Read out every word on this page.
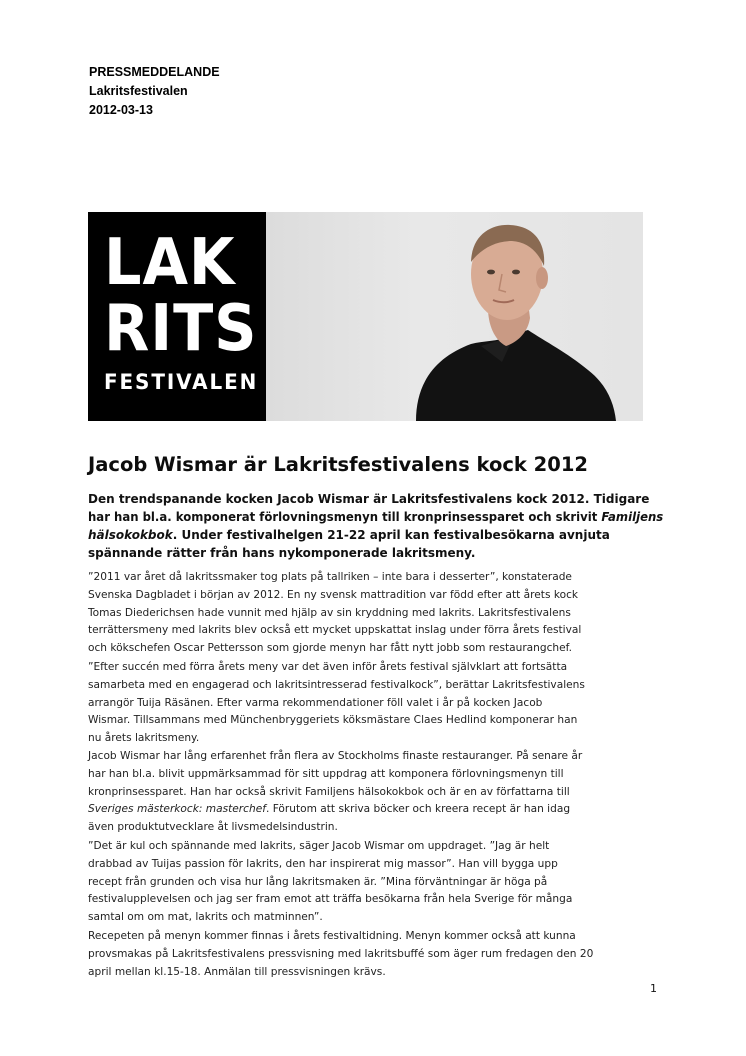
PRESSMEDDELANDE
Lakritsfestivalen
2012-03-13
LAK
RITS
FESTIVALEN
Jacob Wismar är Lakritsfestivalens kock 2012
Den trendspanande kocken Jacob Wismar är Lakritsfestivalens kock 2012. Tidigare
har han bl.a. komponerat förlovningsmenyn till kronprinsessparet och skrivit Familjens
hälsokokbok. Under festivalhelgen 21-22 april kan festivalbesökarna avnjuta
spännande rätter från hans nykomponerade lakritsmeny.
”2011 var året då lakritssmaker tog plats på tallriken – inte bara i desserter”, konstaterade
Svenska Dagbladet i början av 2012. En ny svensk mattradition var född efter att årets kock
Tomas Diederichsen hade vunnit med hjälp av sin kryddning med lakrits. Lakritsfestivalens
terrättersmeny med lakrits blev också ett mycket uppskattat inslag under förra årets festival
och kökschefen Oscar Pettersson som gjorde menyn har fått nytt jobb som restaurangchef.
”Efter succén med förra årets meny var det även inför årets festival självklart att fortsätta
samarbeta med en engagerad och lakritsintresserad festivalkock”, berättar Lakritsfestivalens
arrangör Tuija Räsänen. Efter varma rekommendationer föll valet i år på kocken Jacob
Wismar. Tillsammans med Münchenbryggeriets köksmästare Claes Hedlind komponerar han
nu årets lakritsmeny.
Jacob Wismar har lång erfarenhet från flera av Stockholms finaste restauranger. På senare år
har han bl.a. blivit uppmärksammad för sitt uppdrag att komponera förlovningsmenyn till
kronprinsessparet. Han har också skrivit Familjens hälsokokbok och är en av författarna till
Sveriges mästerkock: masterchef. Förutom att skriva böcker och kreera recept är han idag
även produktutvecklare åt livsmedelsindustrin.
”Det är kul och spännande med lakrits, säger Jacob Wismar om uppdraget. ”Jag är helt
drabbad av Tuijas passion för lakrits, den har inspirerat mig massor”. Han vill bygga upp
recept från grunden och visa hur lång lakritsmaken är. ”Mina förväntningar är höga på
festivalupplevelsen och jag ser fram emot att träffa besökarna från hela Sverige för många
samtal om om mat, lakrits och matminnen”.
Recepeten på menyn kommer finnas i årets festivaltidning. Menyn kommer också att kunna
provsmakas på Lakritsfestivalens pressvisning med lakritsbuffé som äger rum fredagen den 20
april mellan kl.15-18. Anmälan till pressvisningen krävs.
1
